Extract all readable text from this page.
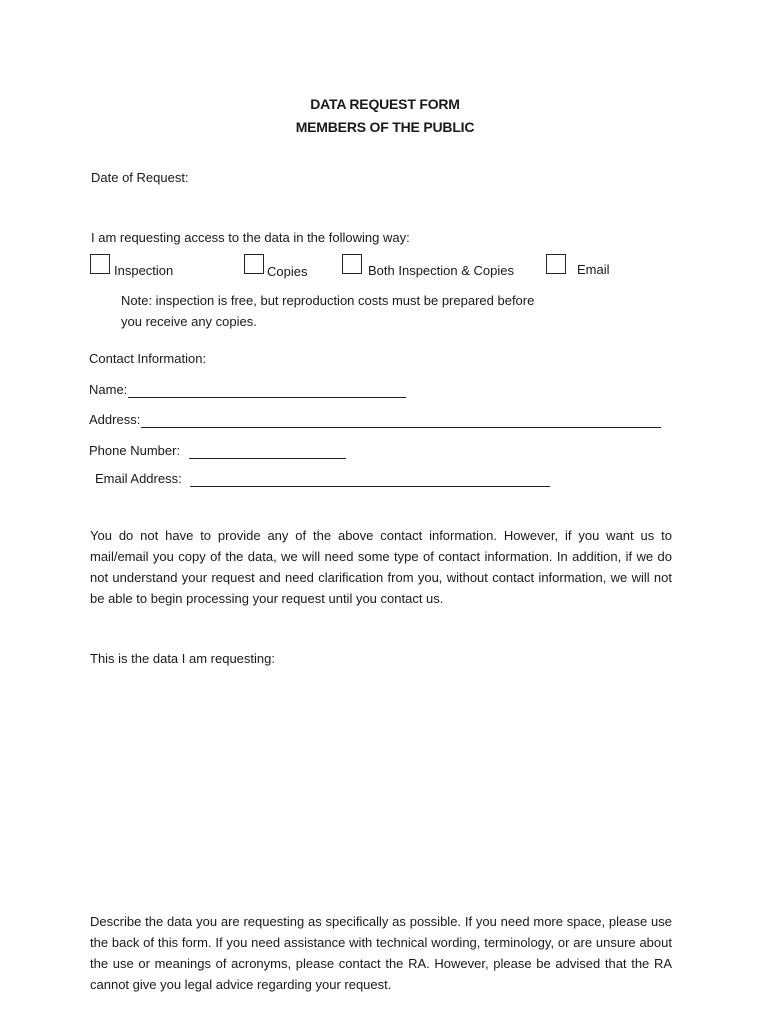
DATA REQUEST FORM
MEMBERS OF THE PUBLIC
Date of Request:
I am requesting access to the data in the following way:
Inspection	Copies	Both Inspection & Copies	Email
Note: inspection is free, but reproduction costs must be prepared before
you receive any copies.
Contact Information:
Name:
Address:
Phone Number:
Email Address:
You do not have to provide any of the above contact information. However, if you want us to mail/email you copy of the data, we will need some type of contact information. In addition, if we do not understand your request and need clarification from you, without contact information, we will not be able to begin processing your request until you contact us.
This is the data I am requesting:
Describe the data you are requesting as specifically as possible. If you need more space, please use the back of this form. If you need assistance with technical wording, terminology, or are unsure about the use or meanings of acronyms, please contact the RA. However, please be advised that the RA cannot give you legal advice regarding your request.
